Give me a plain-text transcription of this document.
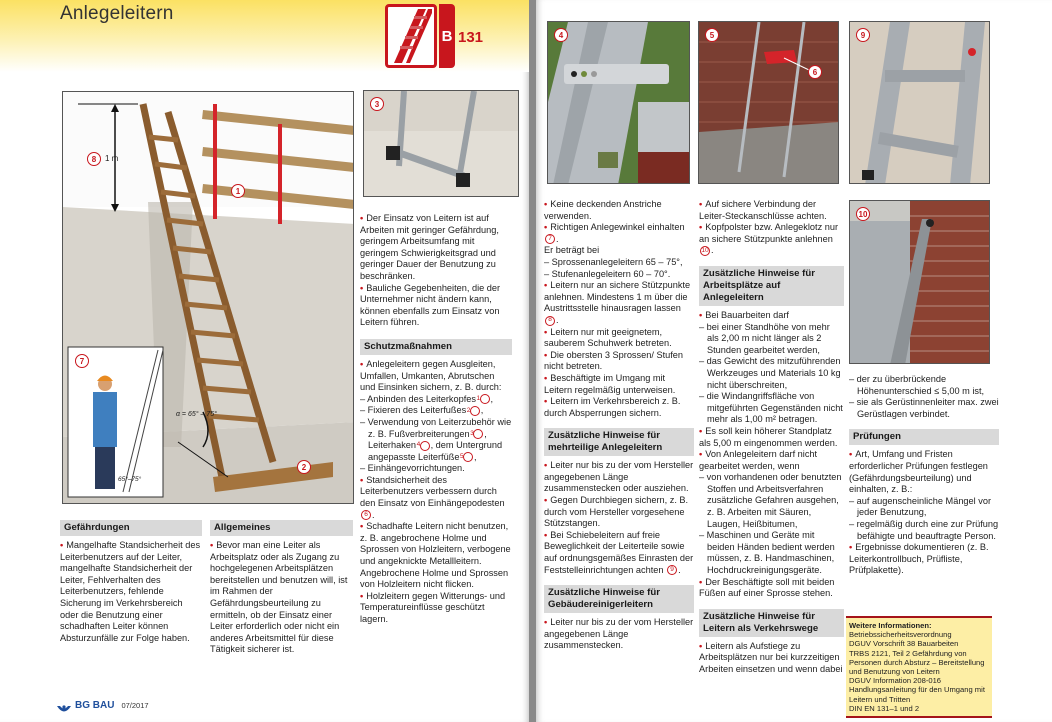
Anlegeleitern
B 131
8	1 m
1
2
7
α = 65° – 75°
65°–75°
3

• Der Einsatz von Leitern ist auf Arbeiten mit geringer Gefährdung, geringem Arbeitsumfang mit geringem Schwierigkeitsgrad und geringer Dauer der Benutzung zu beschränken.

• Bauliche Gegebenheiten, die der Unternehmer nicht ändern kann, können ebenfalls zum Einsatz von Leitern führen.

Schutzmaßnahmen

• Anlegeleitern gegen Ausgleiten, Umfallen, Umkanten, Abrutschen und Einsinken sichern, z. B. durch:

– Anbinden des Leiterkopfes 1 ,

– Fixieren des Leiterfußes 2 ,

– Verwendung von Leiterzubehör wie z. B. Fußverbreiterungen 3 , Leiterhaken 4 , dem Untergrund angepasste Leiterfüße 5 ,

– Einhängevorrichtungen.

• Standsicherheit des Leiterbenutzers verbessern durch den Einsatz von Einhängepodesten 6 .

• Schadhafte Leitern nicht benutzen, z. B. angebrochene Holme und Sprossen von Holzleitern, verbogene und angeknickte Metallleitern. Angebrochene Holme und Sprossen von Holzleitern nicht flicken.

• Holzleitern gegen Witterungs- und Temperatureinflüsse geschützt lagern.

Gefährdungen

• Mangelhafte Standsicherheit des Leiterbenutzers auf der Leiter, mangelhafte Standsicherheit der Leiter, Fehlverhalten des Leiterbenutzers, fehlende Sicherung im Verkehrsbereich oder die Benutzung einer schadhaften Leiter können Absturzunfälle zur Folge haben.

Allgemeines

• Bevor man eine Leiter als Arbeitsplatz oder als Zugang zu hochgelegenen Arbeitsplätzen bereitstellen und benutzen will, ist im Rahmen der Gefährdungsbeurteilung zu ermitteln, ob der Einsatz einer Leiter erforderlich oder nicht ein anderes Arbeitsmittel für diese Tätigkeit sicherer ist.

BG BAU 07/2017
4	5
6
9
10

• Keine deckenden Anstriche verwenden.

• Richtigen Anlegewinkel einhalten 7 .

Er beträgt bei

– Sprossenanlegeleitern 65 – 75°,

– Stufenanlegeleitern 60 – 70°.

• Leitern nur an sichere Stützpunkte anlehnen. Mindestens 1 m über die Austrittsstelle hinausragen lassen 8 .

• Leitern nur mit geeignetem, sauberem Schuhwerk betreten.

• Die obersten 3 Sprossen/ Stufen nicht betreten.

• Beschäftigte im Umgang mit Leitern regelmäßig unterweisen.

• Leitern im Verkehrsbereich z. B. durch Absperrungen sichern.

Zusätzliche Hinweise für mehrteilige Anlegeleitern

• Leiter nur bis zu der vom Hersteller angegebenen Länge zusammenstecken oder ausziehen.

• Gegen Durchbiegen sichern, z. B. durch vom Hersteller vorgesehene Stützstangen.

• Bei Schiebeleitern auf freie Beweglichkeit der Leiterteile sowie auf ordnungsgemäßes Einrasten der Feststelleinrichtungen achten 9 .

Zusätzliche Hinweise für Gebäudereinigerleitern

• Leiter nur bis zu der vom Hersteller angegebenen Länge zusammenstecken.

• Auf sichere Verbindung der Leiter-Steckanschlüsse achten.

• Kopfpolster bzw. Anlegeklotz nur an sichere Stützpunkte anlehnen 10 .

Zusätzliche Hinweise für Arbeitsplätze auf Anlegeleitern

• Bei Bauarbeiten darf

– bei einer Standhöhe von mehr als 2,00 m nicht länger als 2 Stunden gearbeitet werden,

– das Gewicht des mitzuführenden Werkzeuges und Materials 10 kg nicht überschreiten,

– die Windangriffsfläche von mitgeführten Gegenständen nicht mehr als 1,00 m² betragen.

• Es soll kein höherer Standplatz als 5,00 m eingenommen werden.

• Von Anlegeleitern darf nicht gearbeitet werden, wenn

– von vorhandenen oder benutzten Stoffen und Arbeitsverfahren zusätzliche Gefahren ausgehen, z. B. Arbeiten mit Säuren, Laugen, Heißbitumen,

– Maschinen und Geräte mit beiden Händen bedient werden müssen, z. B. Handmaschinen, Hochdruckreinigungsgeräte.

• Der Beschäftigte soll mit beiden Füßen auf einer Sprosse stehen.

Zusätzliche Hinweise für Leitern als Verkehrswege

• Leitern als Aufstiege zu Arbeitsplätzen nur bei kurzzeitigen Arbeiten einsetzen und wenn dabei

– der zu überbrückende Höhenunterschied ≤ 5,00 m ist,

– sie als Gerüstinnenleiter max. zwei Gerüstlagen verbindet.

Prüfungen

• Art, Umfang und Fristen erforderlicher Prüfungen festlegen (Gefährdungsbeurteilung) und einhalten, z. B.:

– auf augenscheinliche Mängel vor jeder Benutzung,

– regelmäßig durch eine zur Prüfung befähigte und beauftragte Person.

• Ergebnisse dokumentieren (z. B. Leiterkontrollbuch, Prüfliste, Prüfplakette).

Weitere Informationen:
Betriebssicherheitsverordnung
DGUV Vorschrift 38 Bauarbeiten
TRBS 2121, Teil 2 Gefährdung von Personen durch Absturz – Bereitstellung und Benutzung von Leitern
DGUV Information 208-016 Handlungsanleitung für den Umgang mit Leitern und Tritten
DIN EN 131–1 und 2
